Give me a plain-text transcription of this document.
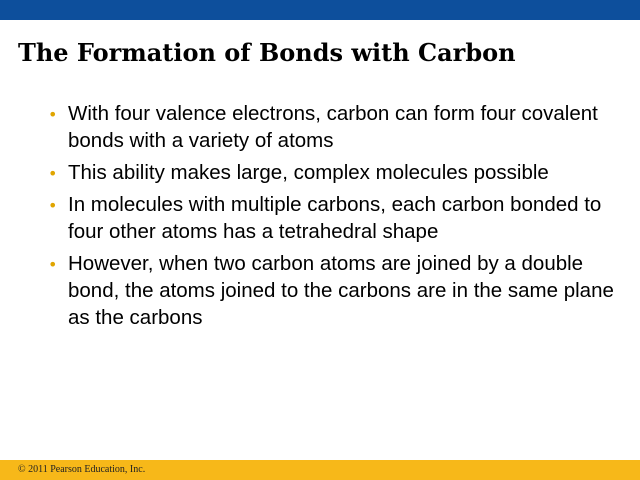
The Formation of Bonds with Carbon
• With four valence electrons, carbon can form four covalent bonds with a variety of atoms
• This ability makes large, complex molecules possible
• In molecules with multiple carbons, each carbon bonded to four other atoms has a tetrahedral shape
• However, when two carbon atoms are joined by a double bond, the atoms joined to the carbons are in the same plane as the carbons
© 2011 Pearson Education, Inc.
